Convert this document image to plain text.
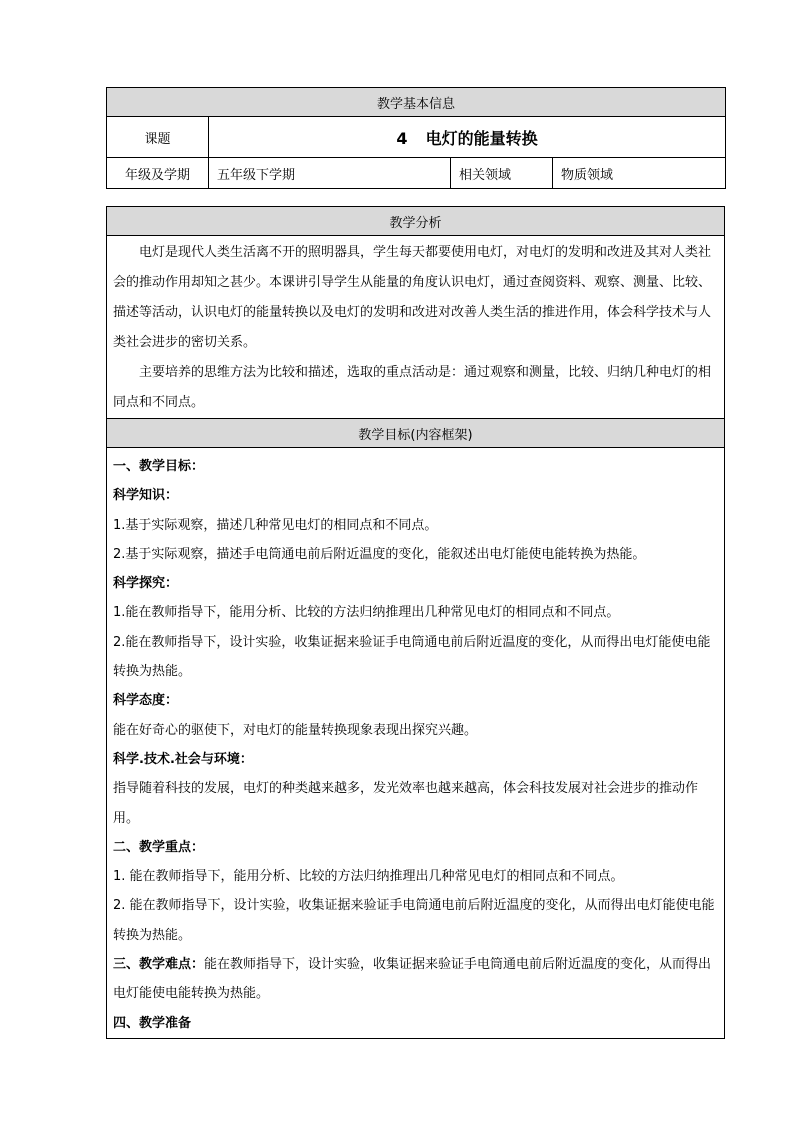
教学基本信息			
课题	4 电灯的能量转换		
年级及学期	五年级下学期	相关领域	物质领域
教学分析

电灯是现代人类生活离不开的照明器具，学生每天都要使用电灯，对电灯的发明和改进及其对人类社会的推动作用却知之甚少。本课讲引导学生从能量的角度认识电灯，通过查阅资料、观察、测量、比较、描述等活动，认识电灯的能量转换以及电灯的发明和改进对改善人类生活的推进作用，体会科学技术与人类社会进步的密切关系。

主要培养的思维方法为比较和描述，选取的重点活动是：通过观察和测量，比较、归纳几种电灯的相同点和不同点。

教学目标(内容框架)

一、教学目标：

科学知识：

1.基于实际观察，描述几种常见电灯的相同点和不同点。

2.基于实际观察，描述手电筒通电前后附近温度的变化，能叙述出电灯能使电能转换为热能。

科学探究：

1.能在教师指导下，能用分析、比较的方法归纳推理出几种常见电灯的相同点和不同点。

2.能在教师指导下，设计实验，收集证据来验证手电筒通电前后附近温度的变化，从而得出电灯能使电能转换为热能。

科学态度：

能在好奇心的驱使下，对电灯的能量转换现象表现出探究兴趣。

科学.技术.社会与环境：

指导随着科技的发展，电灯的种类越来越多，发光效率也越来越高，体会科技发展对社会进步的推动作用。

二、教学重点：

1. 能在教师指导下，能用分析、比较的方法归纳推理出几种常见电灯的相同点和不同点。

2. 能在教师指导下，设计实验，收集证据来验证手电筒通电前后附近温度的变化，从而得出电灯能使电能转换为热能。

三、教学难点：能在教师指导下，设计实验，收集证据来验证手电筒通电前后附近温度的变化，从而得出电灯能使电能转换为热能。

四、教学准备
